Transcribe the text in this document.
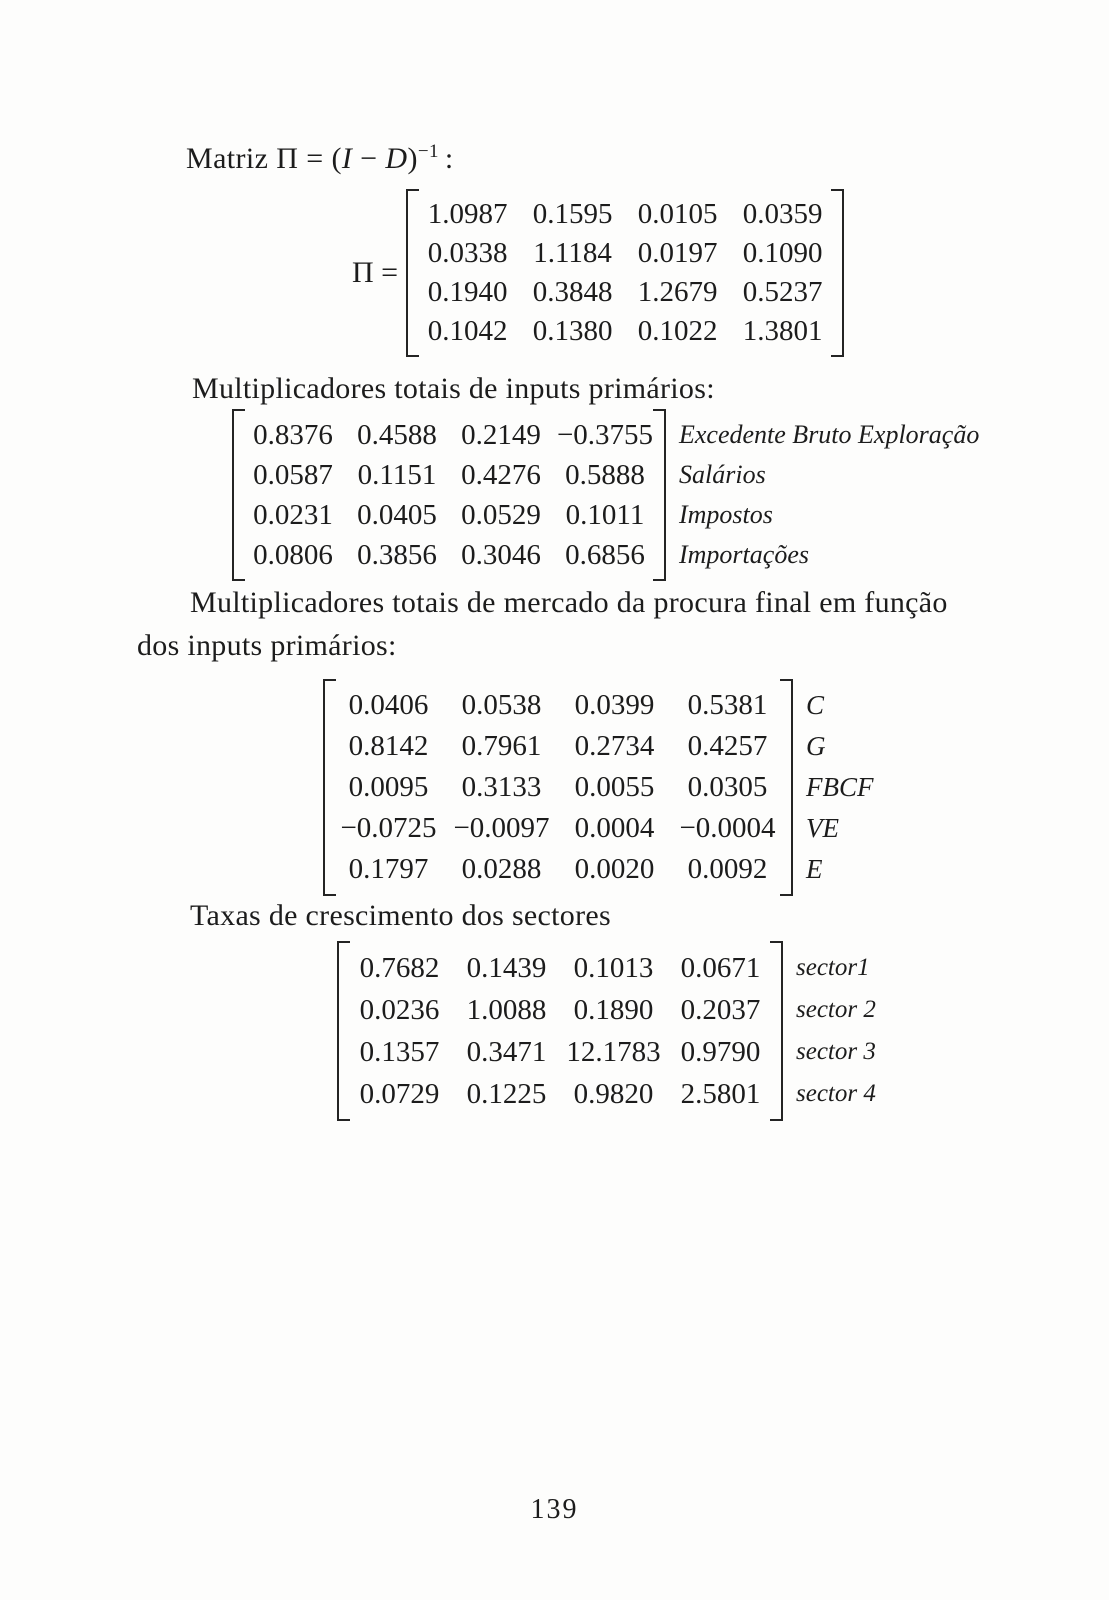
Matriz $\Pi = (I - D)^{-1}$ :
Π =
1.0987 0.1595 0.0105 0.0359
0.0338 1.1184 0.0197 0.1090
0.1940 0.3848 1.2679 0.5237
0.1042 0.1380 0.1022 1.3801
Multiplicadores totais de inputs primários:
0.8376 0.4588 0.2149 −0.3755
0.0587 0.1151 0.4276 0.5888
0.0231 0.0405 0.0529 0.1011
0.0806 0.3856 0.3046 0.6856
Excedente Bruto Exploração
Salários
Impostos
Importações
Multiplicadores totais de mercado da procura final em função
dos inputs primários:
0.0406 0.0538 0.0399 0.5381
0.8142 0.7961 0.2734 0.4257
0.0095 0.3133 0.0055 0.0305
−0.0725 −0.0097 0.0004 −0.0004
0.1797 0.0288 0.0020 0.0092
C
G
FBCF
VE
E
Taxas de crescimento dos sectores
0.7682 0.1439 0.1013 0.0671
0.0236 1.0088 0.1890 0.2037
0.1357 0.3471 12.1783 0.9790
0.0729 0.1225 0.9820 2.5801
sector1
sector 2
sector 3
sector 4
139
